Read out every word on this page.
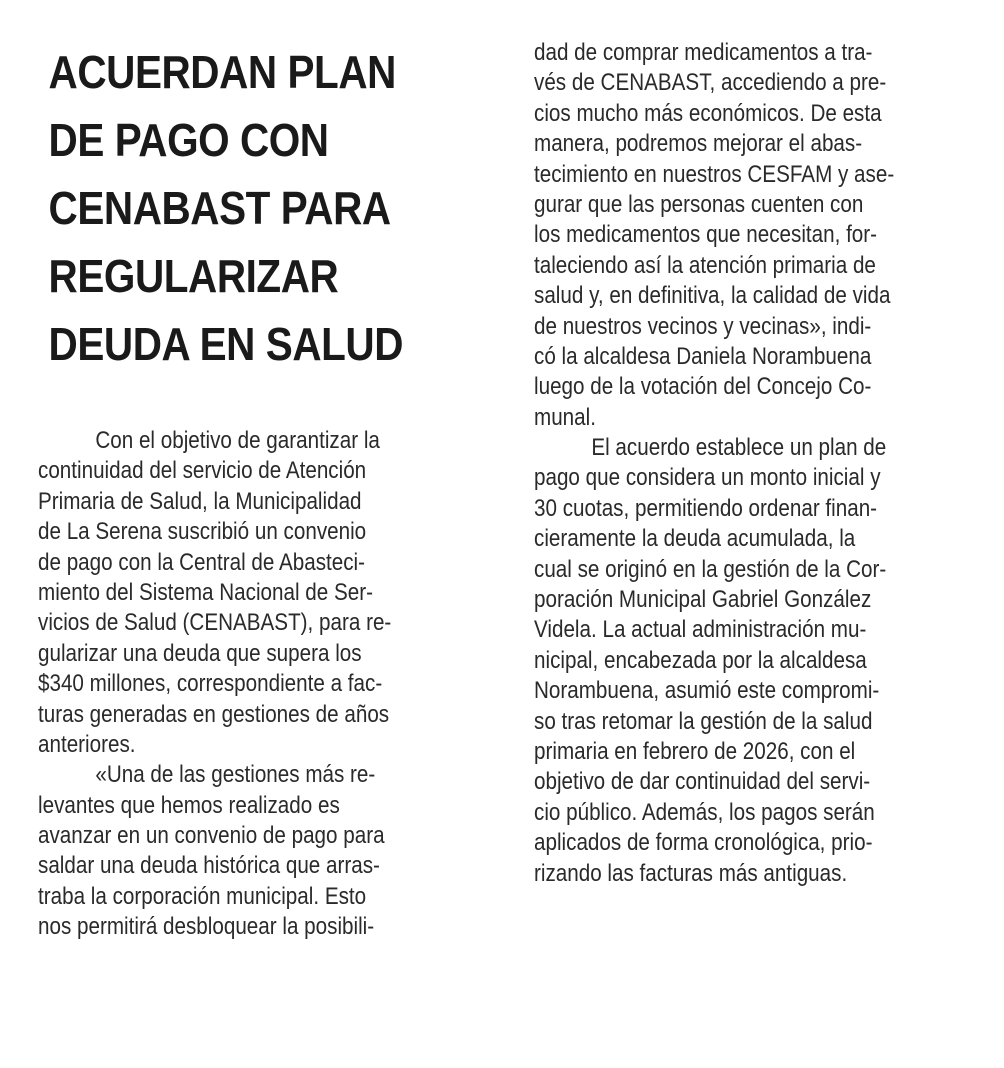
ACUERDAN PLAN
DE PAGO CON
CENABAST PARA
REGULARIZAR
DEUDA EN SALUD
Con el objetivo de garantizar la
continuidad del servicio de Atención
Primaria de Salud, la Municipalidad
de La Serena suscribió un convenio
de pago con la Central de Abasteci-
miento del Sistema Nacional de Ser-
vicios de Salud (CENABAST), para re-
gularizar una deuda que supera los
$340 millones, correspondiente a fac-
turas generadas en gestiones de años
anteriores.
«Una de las gestiones más re-
levantes que hemos realizado es
avanzar en un convenio de pago para
saldar una deuda histórica que arras-
traba la corporación municipal. Esto
nos permitirá desbloquear la posibili-
dad de comprar medicamentos a tra-
vés de CENABAST, accediendo a pre-
cios mucho más económicos. De esta
manera, podremos mejorar el abas-
tecimiento en nuestros CESFAM y ase-
gurar que las personas cuenten con
los medicamentos que necesitan, for-
taleciendo así la atención primaria de
salud y, en definitiva, la calidad de vida
de nuestros vecinos y vecinas», indi-
có la alcaldesa Daniela Norambuena
luego de la votación del Concejo Co-
munal.
El acuerdo establece un plan de
pago que considera un monto inicial y
30 cuotas, permitiendo ordenar finan-
cieramente la deuda acumulada, la
cual se originó en la gestión de la Cor-
poración Municipal Gabriel González
Videla. La actual administración mu-
nicipal, encabezada por la alcaldesa
Norambuena, asumió este compromi-
so tras retomar la gestión de la salud
primaria en febrero de 2026, con el
objetivo de dar continuidad del servi-
cio público. Además, los pagos serán
aplicados de forma cronológica, prio-
rizando las facturas más antiguas.
